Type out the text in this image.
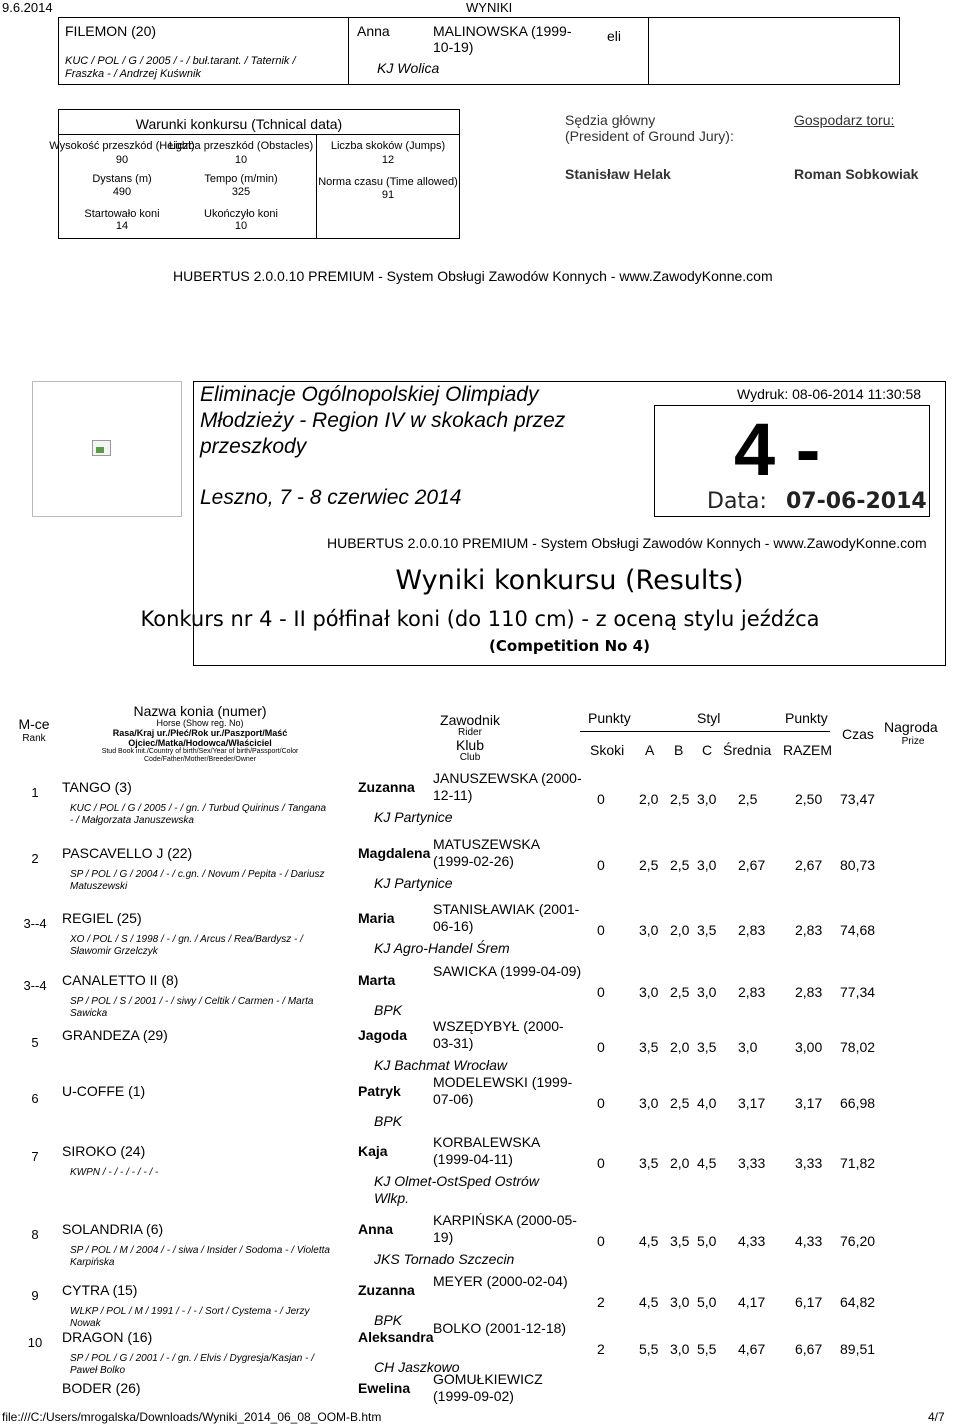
9.6.2014	WYNIKI
FILEMON (20)
KUC / POL / G / 2005 / - / buł.tarant. / Taternik / Fraszka - / Andrzej Kuśwnik
Anna	MALINOWSKA (1999-10-19)
KJ Wolica
eli
Warunki konkursu (Tchnical data)
Wysokość przeszkód (Height)
90
Liczba przeszkód (Obstacles)
10
Liczba skoków (Jumps)
12
Dystans (m)
490
Tempo (m/min)
325
Norma czasu (Time allowed)
91
Startowało koni
14
Ukończyło koni
10
Sędzia główny
(President of Ground Jury):
Stanisław Helak
Gospodarz toru:
Roman Sobkowiak
HUBERTUS 2.0.0.10 PREMIUM - System Obsługi Zawodów Konnych - www.ZawodyKonne.com
Eliminacje Ogólnopolskiej Olimpiady
Młodzieży - Region IV w skokach przez
przeszkody
Leszno, 7 - 8 czerwiec 2014
Wydruk: 08-06-2014 11:30:58
4 -
Data: 07-06-2014
HUBERTUS 2.0.0.10 PREMIUM - System Obsługi Zawodów Konnych - www.ZawodyKonne.com
Wyniki konkursu (Results)
Konkurs nr 4 - II półfinał koni (do 110 cm) - z oceną stylu jeźdźca
(Competition No 4)
M-ce
Rank
Nazwa konia (numer)
Horse (Show reg. No)
Rasa/Kraj ur./Płeć/Rok ur./Paszport/Maść
Ojciec/Matka/Hodowca/Właściciel
Stud Book init./Country of birth/Sex/Year of birth/Passport/Color
Code/Father/Mother/Breeder/Owner
Zawodnik
Rider
Klub
Club
Punkty	Styl	Punkty
Skoki A B C Średnia RAZEM
Czas Nagroda
Prize
1	TANGO (3)
KUC / POL / G / 2005 / - / gn. / Turbud Quirinus / Tangana - / Małgorzata Januszewska
Zuzanna
JANUSZEWSKA (2000-12-11)
KJ Partynice
0 2,0 2,5 3,0 2,5	2,50 73,47
2	PASCAVELLO J (22)
SP / POL / G / 2004 / - / c.gn. / Novum / Pepita - / Dariusz Matuszewski
Magdalena
MATUSZEWSKA (1999-02-26)
KJ Partynice
0 2,5 2,5 3,0 2,67 2,67 80,73
3--4	REGIEL (25)
XO / POL / S / 1998 / - / gn. / Arcus / Rea/Bardysz - / Sławomir Grzelczyk
Maria
STANISŁAWIAK (2001-06-16)
KJ Agro-Handel Śrem
0 3,0 2,0 3,5 2,83 2,83 74,68
3--4	CANALETTO II (8)
SP / POL / S / 2001 / - / siwy / Celtik / Carmen - / Marta Sawicka
Marta
SAWICKA (1999-04-09)
BPK
0 3,0 2,5 3,0 2,83 2,83 77,34
5	GRANDEZA (29)	Jagoda
WSZĘDYBYŁ (2000-03-31)
KJ Bachmat Wrocław
0 3,5 2,0 3,5 3,0	3,00 78,02
6	U-COFFE (1)	Patryk
MODELEWSKI (1999-07-06)
BPK
0 3,0 2,5 4,0 3,17 3,17 66,98
7	SIROKO (24)
KWPN / - / - / - / - / -
Kaja
KORBALEWSKA (1999-04-11)
KJ Olmet-OstSped Ostrów Wlkp.
0 3,5 2,0 4,5 3,33 3,33 71,82
8	SOLANDRIA (6)
SP / POL / M / 2004 / - / siwa / Insider / Sodoma - / Violetta Karpińska
Anna
KARPIŃSKA (2000-05-19)
JKS Tornado Szczecin
0 4,5 3,5 5,0 4,33 4,33 76,20
9	CYTRA (15)
WLKP / POL / M / 1991 / - / - / Sort / Cystema - / Jerzy Nowak
Zuzanna
MEYER (2000-02-04)
BPK
2 4,5 3,0 5,0 4,17 6,17 64,82
10	DRAGON (16)
SP / POL / G / 2001 / - / gn. / Elvis / Dygresja/Kasjan - / Paweł Bolko
Aleksandra
BOLKO (2001-12-18)
CH Jaszkowo
2 5,5 3,0 5,5 4,67 6,67 89,51
BODER (26)	Ewelina
GOMUŁKIEWICZ (1999-09-02)
file:///C:/Users/mrogalska/Downloads/Wyniki_2014_06_08_OOM-B.htm	4/7
